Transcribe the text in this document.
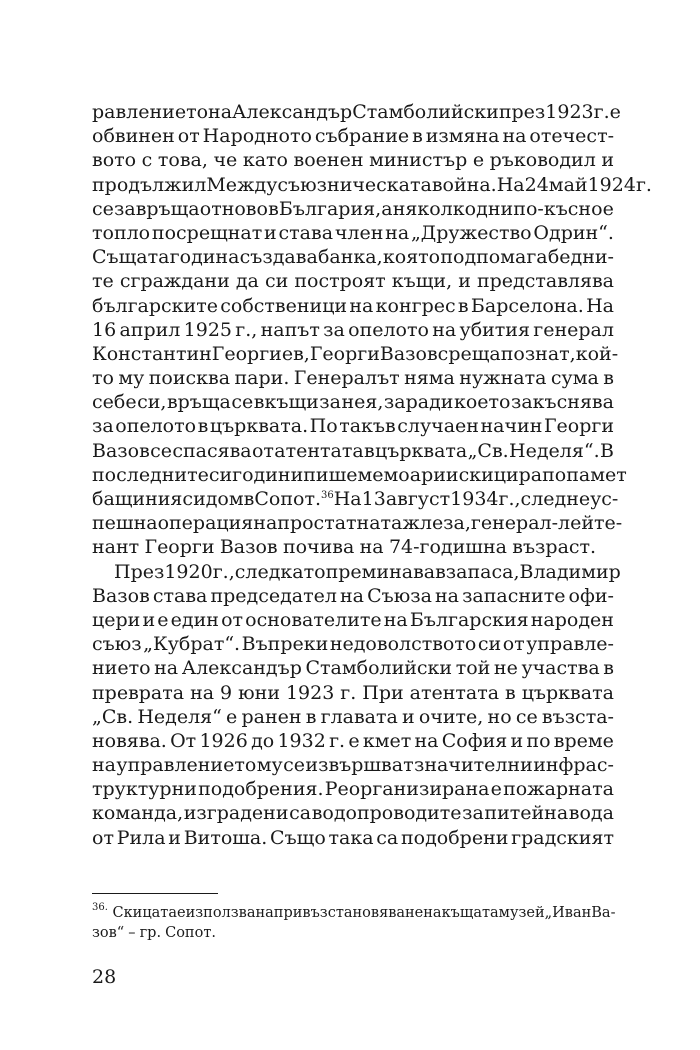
равлението на Александър Стамболийски през 1923 г. е
обвинен от Народното събрание в измяна на отечест-
вото с това, че като военен министър е ръководил и
продължил Междусъюзническата война. На 24 май 1924 г.
се завръща отново в България, а няколко дни по-късно е
топло посрещнат и става член на „Дружество Одрин“.
Същата година създава банка, която подпомага бедни-
те сграждани да си построят къщи, и представлява
българските собственици на конгрес в Барселона. На
16 април 1925 г., напът за опелото на убития генерал
Константин Георгиев, Георги Вазов среща познат, кой-
то му поисква пари. Генералът няма нужната сума в
себе си, връща се вкъщи за нея, заради което закъснява
за опелото в църквата. По такъв случаен начин Георги
Вазов се спасява от атентата в църквата „Св. Неделя“. В
последните си години пише мемоари и скицира по памет
бащиния си дом в Сопот.$^{36}$ На 13 август 1934 г., след неус-
пешна операция на простатната жлеза, генерал-лейте-
нант Георги Вазов почива на 74-годишна възраст.
През 1920 г., след като преминава в запаса, Владимир
Вазов става председател на Съюза на запасните офи-
цери и е един от основателите на Българския народен
съюз „Кубрат“. Въпреки недоволството си от управле-
нието на Александър Стамболийски той не участва в
преврата на 9 юни 1923 г. При атентата в църквата
„Св. Неделя“ е ранен в главата и очите, но се възста-
новява. От 1926 до 1932 г. е кмет на София и по време
на управлението му се извършват значителни инфрас-
труктурни подобрения. Реорганизирана е пожарната
команда, изградени са водопроводите за питейна вода
от Рила и Витоша. Също така са подобрени градският
$^{36.}$ Скицата е използвана при възстановяване на къщата музей „Иван Ва-
зов“ – гр. Сопот.
28
